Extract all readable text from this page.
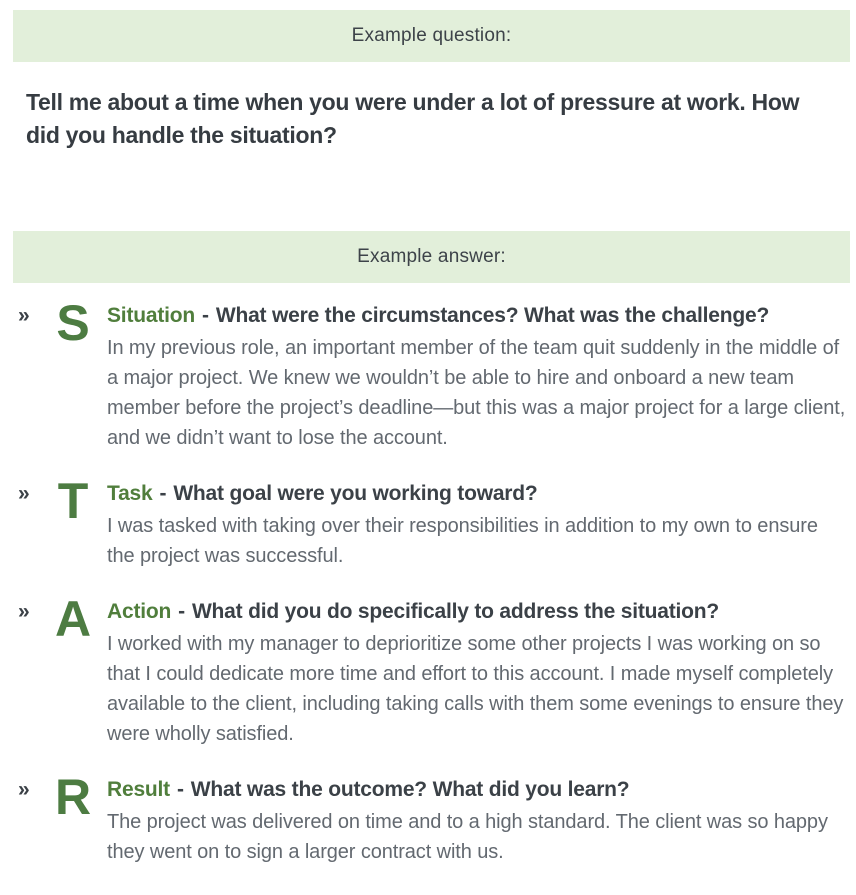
Example question:
Tell me about a time when you were under a lot of pressure at work. How did you handle the situation?
Example answer:
» S Situation - What were the circumstances? What was the challenge?
In my previous role, an important member of the team quit suddenly in the middle of a major project. We knew we wouldn’t be able to hire and onboard a new team member before the project’s deadline—but this was a major project for a large client, and we didn’t want to lose the account.
» T Task - What goal were you working toward?
I was tasked with taking over their responsibilities in addition to my own to ensure the project was successful.
» A Action - What did you do specifically to address the situation?
I worked with my manager to deprioritize some other projects I was working on so that I could dedicate more time and effort to this account. I made myself completely available to the client, including taking calls with them some evenings to ensure they were wholly satisfied.
» R Result - What was the outcome? What did you learn?
The project was delivered on time and to a high standard. The client was so happy they went on to sign a larger contract with us.
